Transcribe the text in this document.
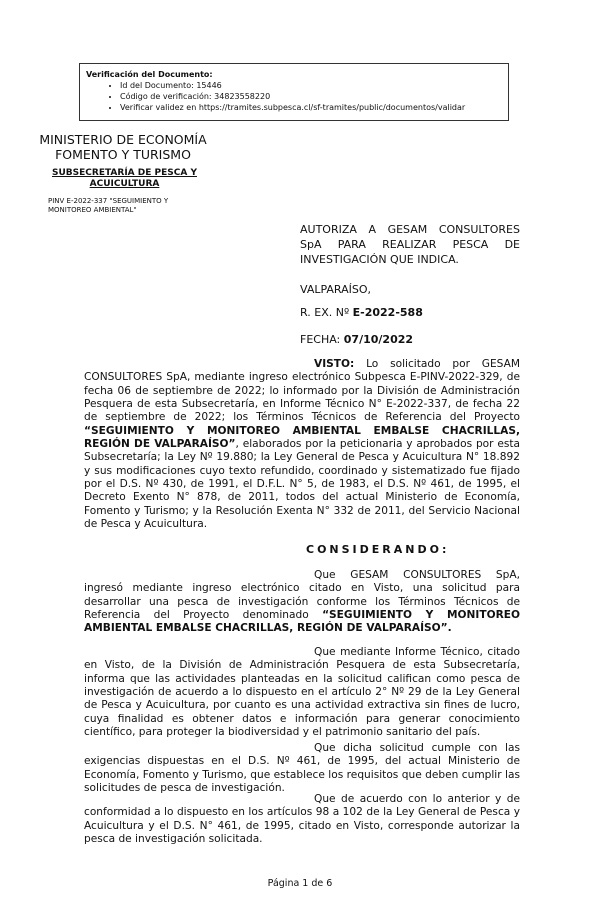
Verificación del Documento:
• Id del Documento: 15446
• Código de verificación: 34823558220
• Verificar validez en https://tramites.subpesca.cl/sf-tramites/public/documentos/validar
MINISTERIO DE ECONOMÍA
FOMENTO Y TURISMO
SUBSECRETARÍA DE PESCA Y ACUICULTURA
PINV E-2022-337 "SEGUIMIENTO Y MONITOREO AMBIENTAL"
AUTORIZA A GESAM CONSULTORES SpA PARA REALIZAR PESCA DE INVESTIGACIÓN QUE INDICA.
VALPARAÍSO,
R. EX. Nº E-2022-588
FECHA: 07/10/2022
VISTO: Lo solicitado por GESAM CONSULTORES SpA, mediante ingreso electrónico Subpesca E-PINV-2022-329, de fecha 06 de septiembre de 2022; lo informado por la División de Administración Pesquera de esta Subsecretaría, en Informe Técnico N° E-2022-337, de fecha 22 de septiembre de 2022; los Términos Técnicos de Referencia del Proyecto “SEGUIMIENTO Y MONITOREO AMBIENTAL EMBALSE CHACRILLAS, REGIÓN DE VALPARAÍSO”, elaborados por la peticionaria y aprobados por esta Subsecretaría; la Ley Nº 19.880; la Ley General de Pesca y Acuicultura N° 18.892 y sus modificaciones cuyo texto refundido, coordinado y sistematizado fue fijado por el D.S. Nº 430, de 1991, el D.F.L. N° 5, de 1983, el D.S. Nº 461, de 1995, el Decreto Exento N° 878, de 2011, todos del actual Ministerio de Economía, Fomento y Turismo; y la Resolución Exenta N° 332 de 2011, del Servicio Nacional de Pesca y Acuicultura.
CONSIDERANDO:
Que GESAM CONSULTORES SpA, ingresó mediante ingreso electrónico citado en Visto, una solicitud para desarrollar una pesca de investigación conforme los Términos Técnicos de Referencia del Proyecto denominado “SEGUIMIENTO Y MONITOREO AMBIENTAL EMBALSE CHACRILLAS, REGIÓN DE VALPARAÍSO”.
Que mediante Informe Técnico, citado en Visto, de la División de Administración Pesquera de esta Subsecretaría, informa que las actividades planteadas en la solicitud califican como pesca de investigación de acuerdo a lo dispuesto en el artículo 2° Nº 29 de la Ley General de Pesca y Acuicultura, por cuanto es una actividad extractiva sin fines de lucro, cuya finalidad es obtener datos e información para generar conocimiento científico, para proteger la biodiversidad y el patrimonio sanitario del país.
Que dicha solicitud cumple con las exigencias dispuestas en el D.S. Nº 461, de 1995, del actual Ministerio de Economía, Fomento y Turismo, que establece los requisitos que deben cumplir las solicitudes de pesca de investigación.
Que de acuerdo con lo anterior y de conformidad a lo dispuesto en los artículos 98 a 102 de la Ley General de Pesca y Acuicultura y el D.S. N° 461, de 1995, citado en Visto, corresponde autorizar la pesca de investigación solicitada.
Página 1 de 6
